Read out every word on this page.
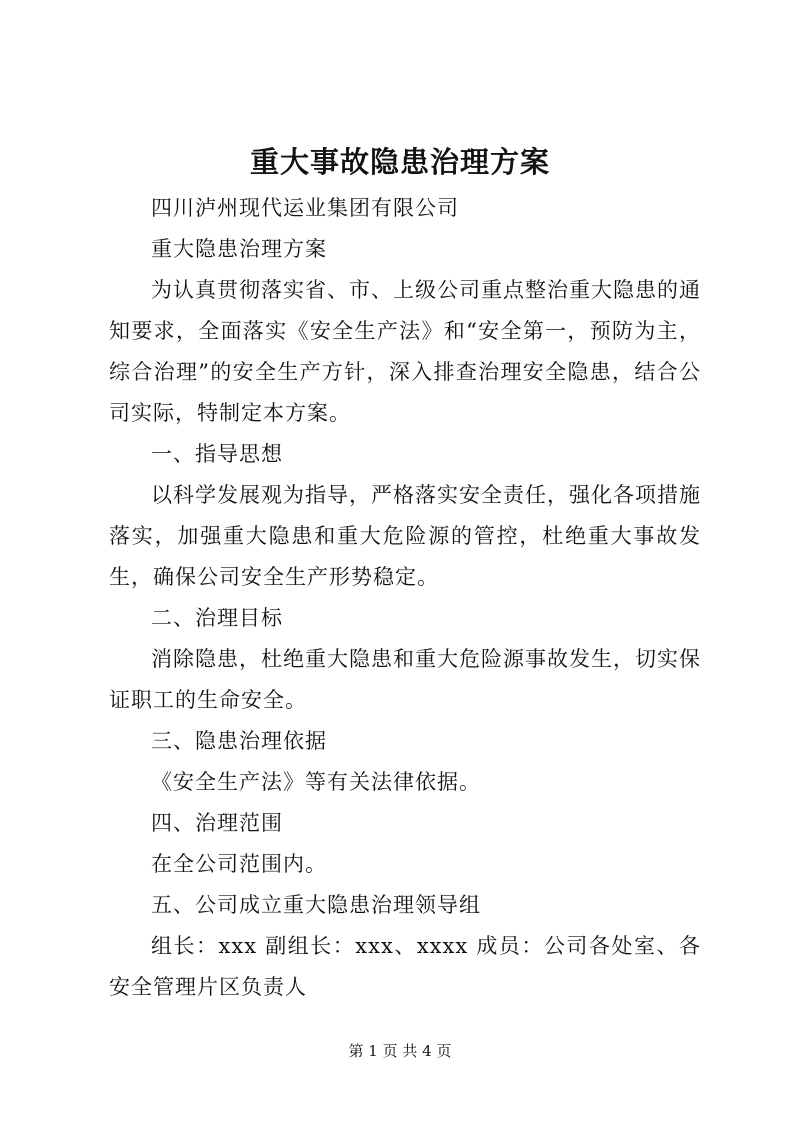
重大事故隐患治理方案

四川泸州现代运业集团有限公司

重大隐患治理方案

为认真贯彻落实省、市、上级公司重点整治重大隐患的通知要求，全面落实《安全生产法》和“安全第一，预防为主，综合治理”的安全生产方针，深入排查治理安全隐患，结合公司实际，特制定本方案。

一、指导思想

以科学发展观为指导，严格落实安全责任，强化各项措施落实，加强重大隐患和重大危险源的管控，杜绝重大事故发生，确保公司安全生产形势稳定。

二、治理目标

消除隐患，杜绝重大隐患和重大危险源事故发生，切实保证职工的生命安全。

三、隐患治理依据

《安全生产法》等有关法律依据。

四、治理范围

在全公司范围内。

五、公司成立重大隐患治理领导组

组长：xxx 副组长：xxx、xxxx 成员：公司各处室、各安全管理片区负责人

第 1 页 共 4 页
